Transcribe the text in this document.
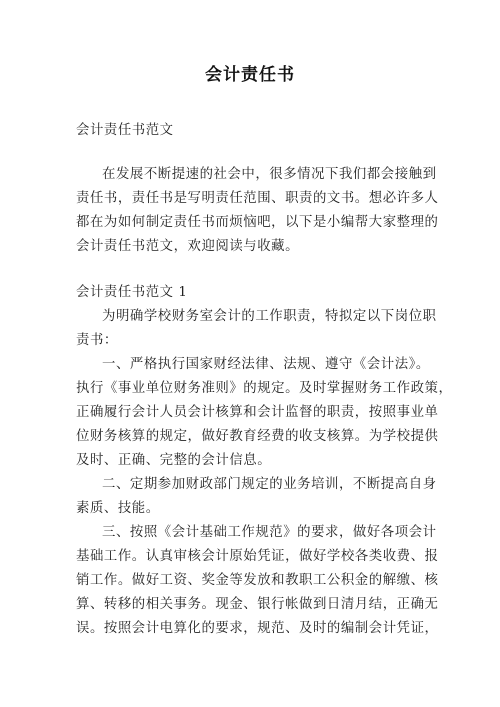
会计责任书
会计责任书范文
在发展不断提速的社会中，很多情况下我们都会接触到
责任书，责任书是写明责任范围、职责的文书。想必许多人
都在为如何制定责任书而烦恼吧，以下是小编帮大家整理的
会计责任书范文，欢迎阅读与收藏。
会计责任书范文 1
为明确学校财务室会计的工作职责，特拟定以下岗位职
责书：
一、严格执行国家财经法律、法规、遵守《会计法》。
执行《事业单位财务准则》的规定。及时掌握财务工作政策，
正确履行会计人员会计核算和会计监督的职责，按照事业单
位财务核算的规定，做好教育经费的收支核算。为学校提供
及时、正确、完整的会计信息。
二、定期参加财政部门规定的业务培训，不断提高自身
素质、技能。
三、按照《会计基础工作规范》的要求，做好各项会计
基础工作。认真审核会计原始凭证，做好学校各类收费、报
销工作。做好工资、奖金等发放和教职工公积金的解缴、核
算、转移的相关事务。现金、银行帐做到日清月结，正确无
误。按照会计电算化的要求，规范、及时的编制会计凭证，
